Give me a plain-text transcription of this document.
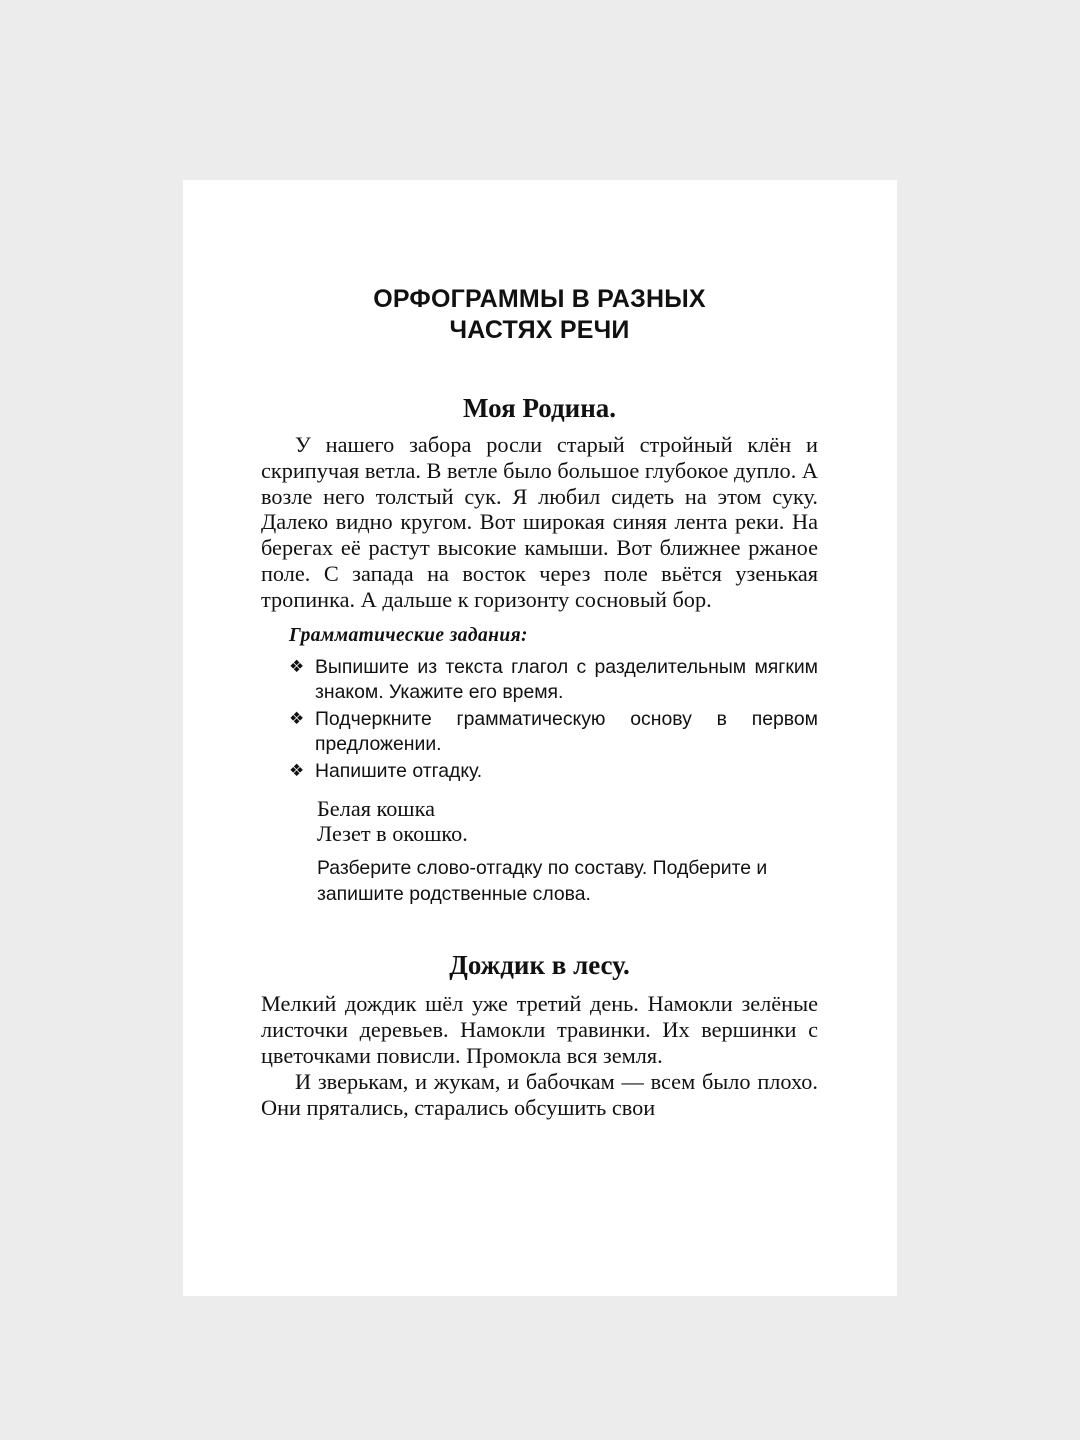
ОРФОГРАММЫ В РАЗНЫХ
ЧАСТЯХ РЕЧИ
Моя Родина.

У нашего забора росли старый стройный клён и скрипучая ветла. В ветле было большое глубокое дупло. А возле него толстый сук. Я любил сидеть на этом суку. Далеко видно кругом. Вот широкая синяя лента реки. На берегах её растут высокие камыши. Вот ближнее ржаное поле. С запада на восток через поле вьётся узенькая тропинка. А дальше к горизонту сосновый бор.

Грамматические задания:
❖ Выпишите из текста глагол с разделительным мягким знаком. Укажите его время.
❖ Подчеркните грамматическую основу в первом предложении.
❖ Напишите отгадку.
Белая кошка
Лезет в окошко.
Разберите слово-отгадку по составу. Подберите и запишите родственные слова.
Дождик в лесу.

Мелкий дождик шёл уже третий день. Намокли зелёные листочки деревьев. Намокли травинки. Их вершинки с цветочками повисли. Промокла вся земля.

И зверькам, и жукам, и бабочкам — всем было плохо. Они прятались, старались обсушить свои
